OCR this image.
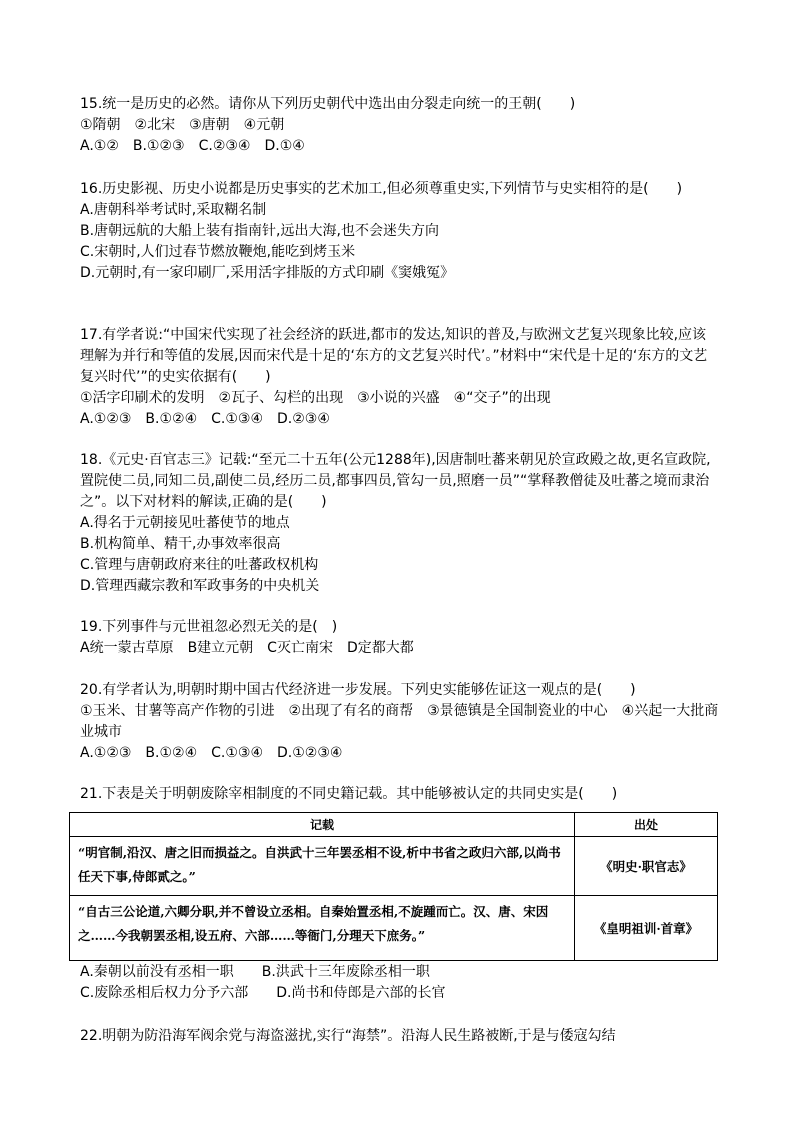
15.统一是历史的必然。请你从下列历史朝代中选出由分裂走向统一的王朝(　　)
①隋朝　②北宋　③唐朝　④元朝
A.①②　B.①②③　C.②③④　D.①④
16.历史影视、历史小说都是历史事实的艺术加工,但必须尊重史实,下列情节与史实相符的是(　　)
A.唐朝科举考试时,采取糊名制
B.唐朝远航的大船上装有指南针,远出大海,也不会迷失方向
C.宋朝时,人们过春节燃放鞭炮,能吃到烤玉米
D.元朝时,有一家印刷厂,采用活字排版的方式印刷《窦娥冤》
17.有学者说:“中国宋代实现了社会经济的跃进,都市的发达,知识的普及,与欧洲文艺复兴现象比较,应该理解为并行和等值的发展,因而宋代是十足的‘东方的文艺复兴时代’。”材料中“宋代是十足的‘东方的文艺复兴时代’”的史实依据有(　　)
①活字印刷术的发明　②瓦子、勾栏的出现　③小说的兴盛　④“交子”的出现
A.①②③　B.①②④　C.①③④　D.②③④
18.《元史·百官志三》记载:“至元二十五年(公元1288年),因唐制吐蕃来朝见於宣政殿之故,更名宣政院,置院使二员,同知二员,副使二员,经历二员,都事四员,管勾一员,照磨一员”“掌释教僧徒及吐蕃之境而隶治之”。以下对材料的解读,正确的是(　　)
A.得名于元朝接见吐蕃使节的地点
B.机构简单、精干,办事效率很高
C.管理与唐朝政府来往的吐蕃政权机构
D.管理西藏宗教和军政事务的中央机关
19.下列事件与元世祖忽必烈无关的是(　)
A统一蒙古草原　B建立元朝　C灭亡南宋　D定都大都
20.有学者认为,明朝时期中国古代经济进一步发展。下列史实能够佐证这一观点的是(　　)
①玉米、甘薯等高产作物的引进　②出现了有名的商帮　③景德镇是全国制瓷业的中心　④兴起一大批商业城市
A.①②③　B.①②④　C.①③④　D.①②③④
21.下表是关于明朝废除宰相制度的不同史籍记载。其中能够被认定的共同史实是(　　)
记载	出处
“明官制,沿汉、唐之旧而损益之。自洪武十三年罢丞相不设,析中书省之政归六部,以尚书任天下事,侍郎贰之。”	《明史·职官志》
“自古三公论道,六卿分职,并不曾设立丞相。自秦始置丞相,不旋踵而亡。汉、唐、宋因之……今我朝罢丞相,设五府、六部……等衙门,分理天下庶务。”	《皇明祖训·首章》
A.秦朝以前没有丞相一职　　B.洪武十三年废除丞相一职
C.废除丞相后权力分予六部　　D.尚书和侍郎是六部的长官
22.明朝为防沿海军阀余党与海盗滋扰,实行“海禁”。沿海人民生路被断,于是与倭寇勾结
